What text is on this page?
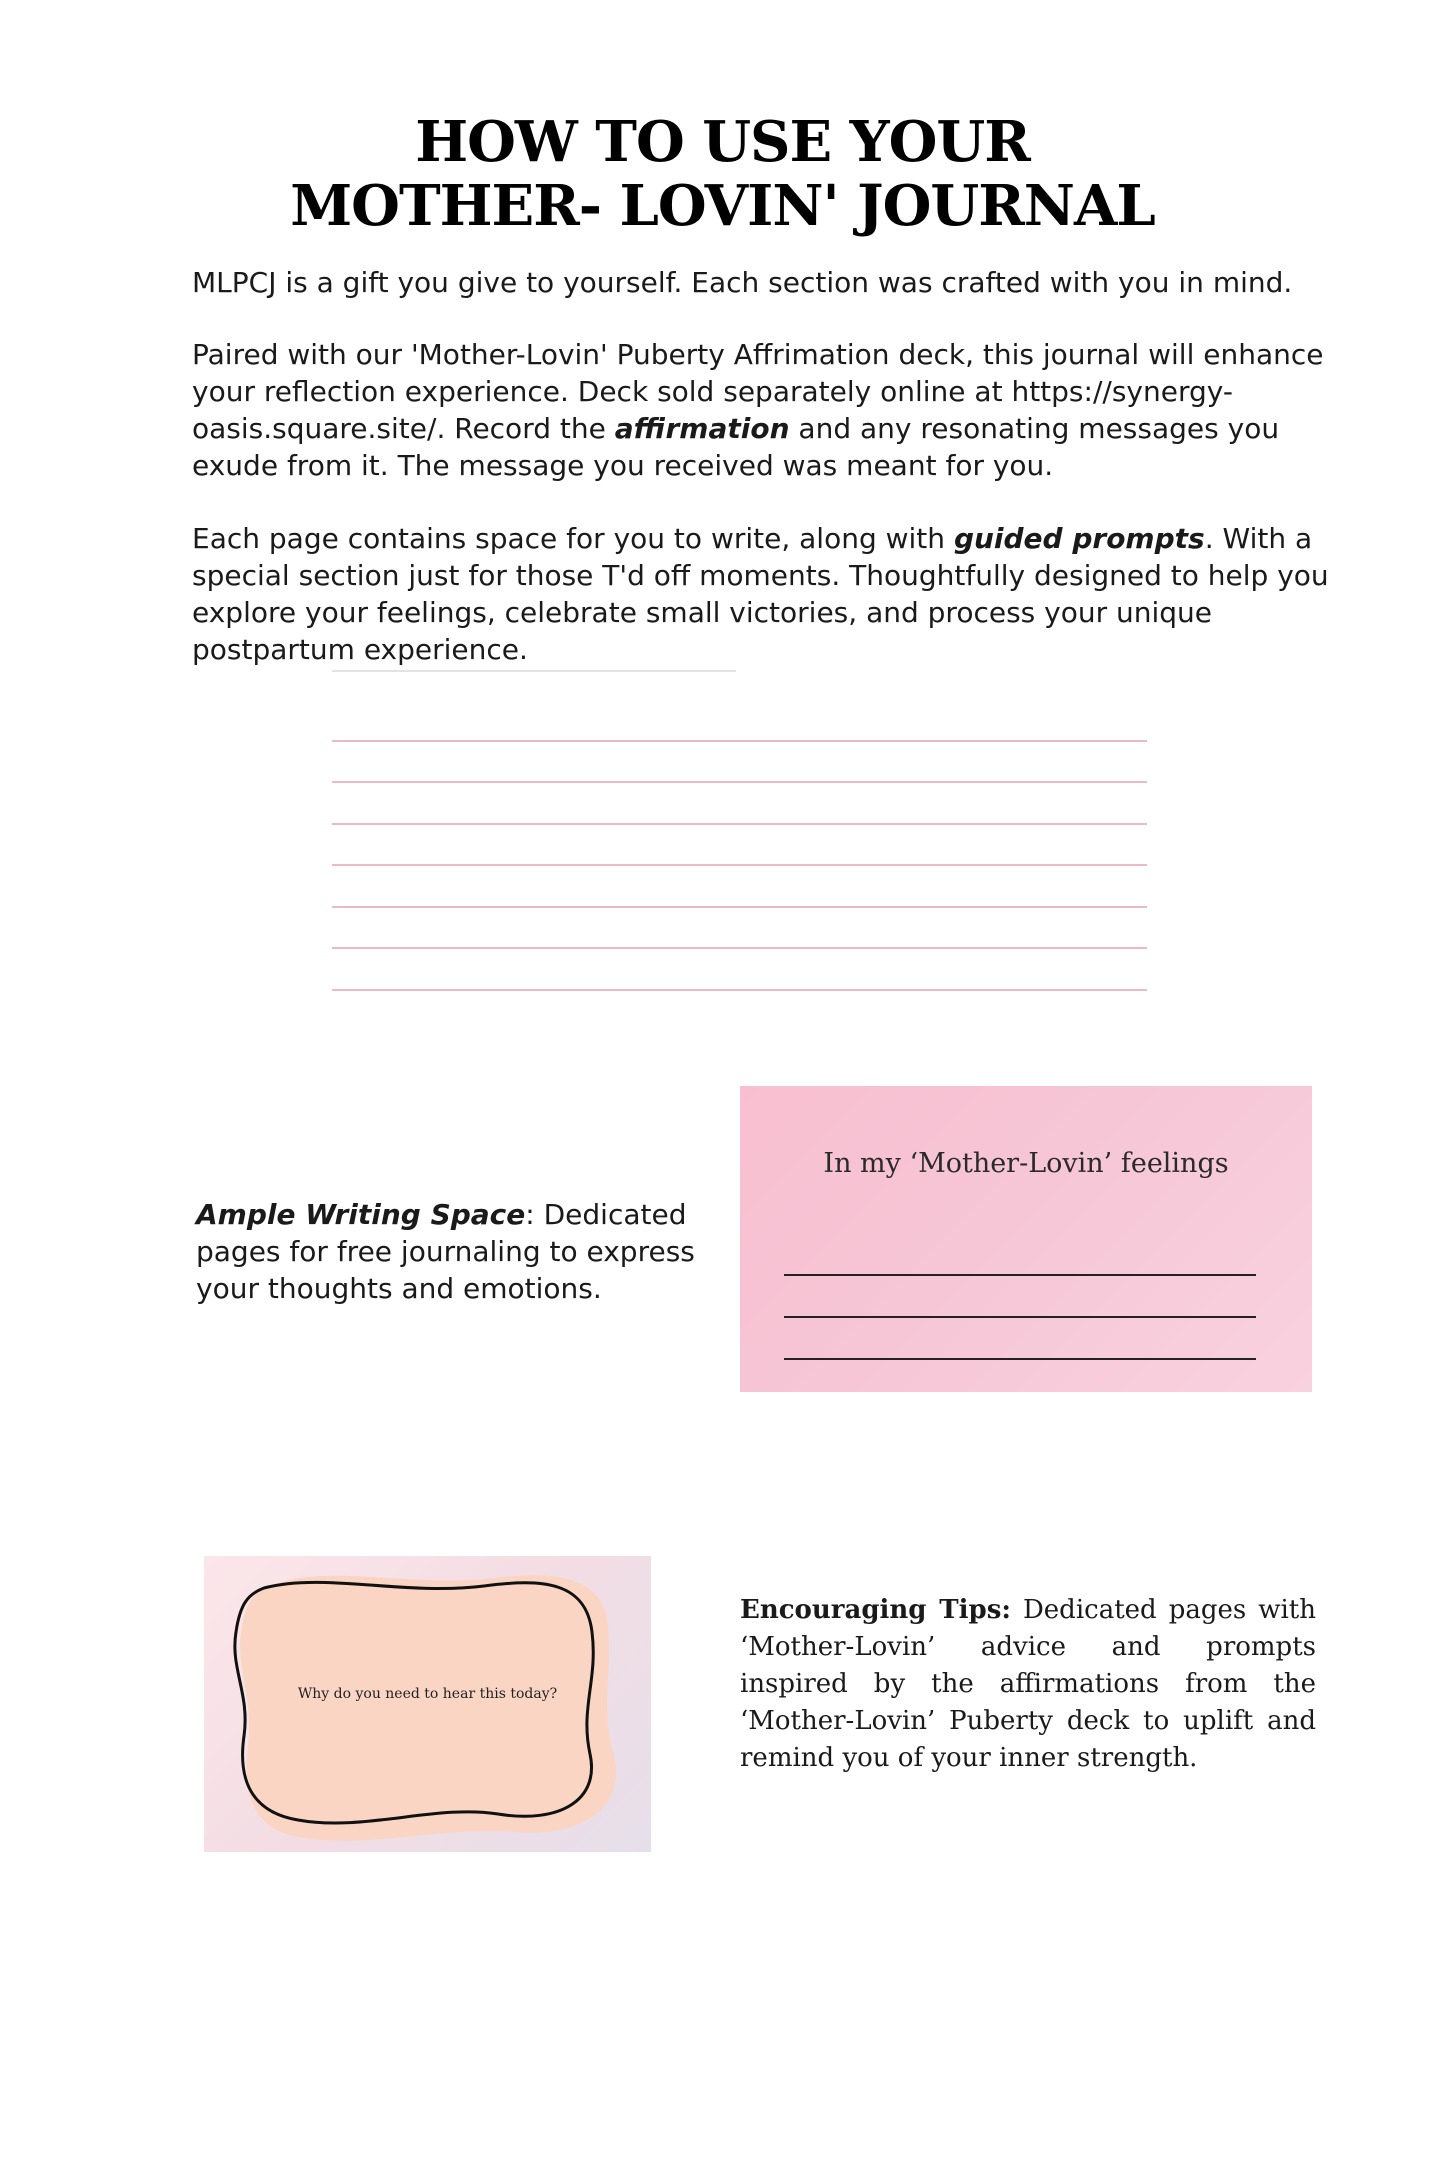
HOW TO USE YOUR
MOTHER- LOVIN' JOURNAL
MLPCJ is a gift you give to yourself. Each section was crafted with you in mind.
Paired with our 'Mother-Lovin' Puberty Affrimation deck, this journal will enhance your reflection experience. Deck sold separately online at https://synergy-oasis.square.site/. Record the affirmation and any resonating messages you exude from it. The message you received was meant for you.
Each page contains space for you to write, along with guided prompts. With a special section just for those T'd off moments. Thoughtfully designed to help you explore your feelings, celebrate small victories, and process your unique postpartum experience.
Ample Writing Space: Dedicated pages for free journaling to express your thoughts and emotions.
In my ‘Mother-Lovin’ feelings
Why do you need to hear this today?
Encouraging Tips: Dedicated pages with ‘Mother-Lovin’ advice and prompts inspired by the affirmations from the ‘Mother-Lovin’ Puberty deck to uplift and remind you of your inner strength.
